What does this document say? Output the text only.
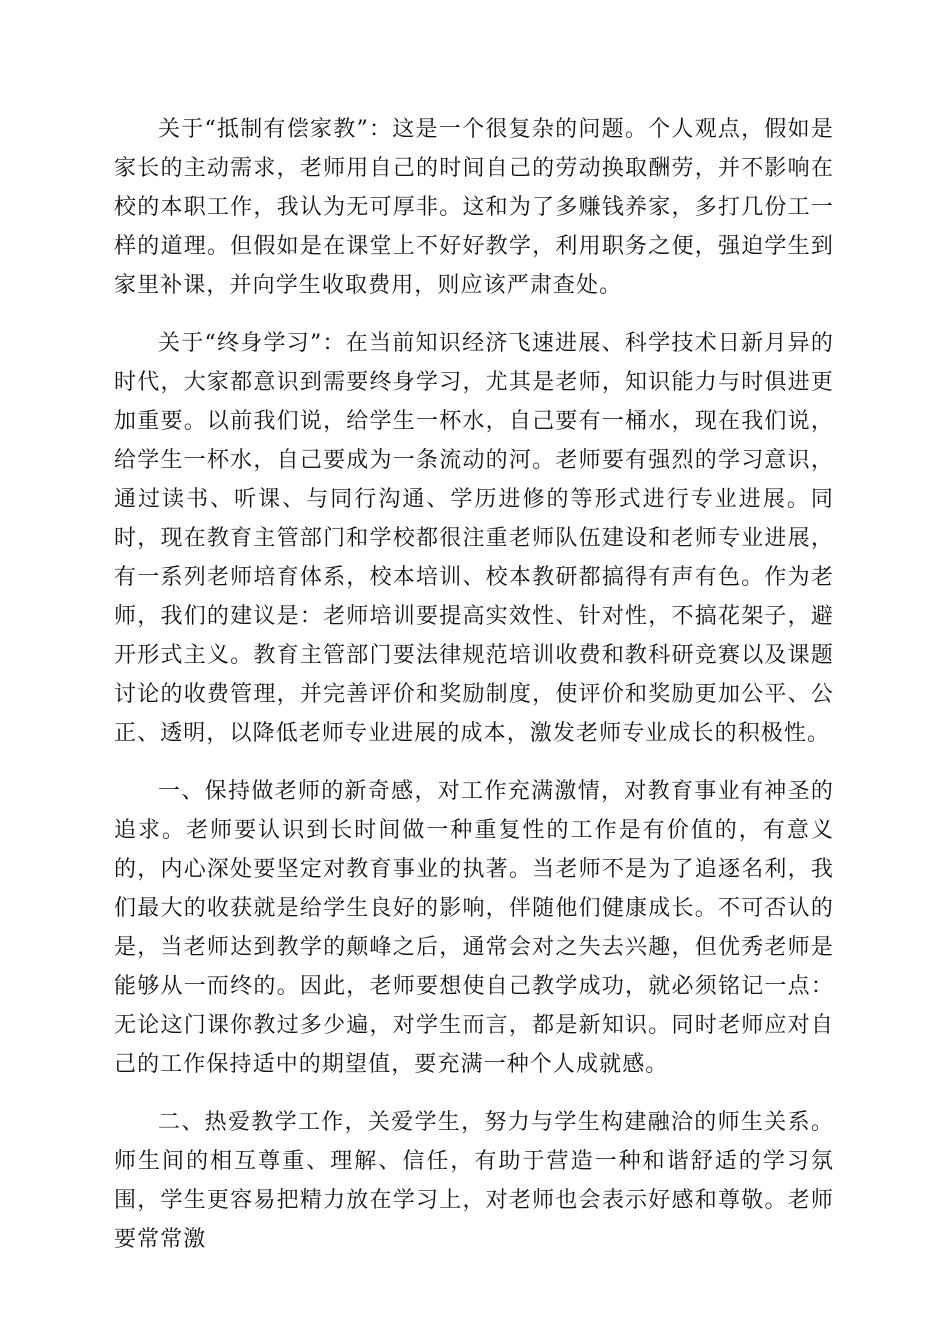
关于“抵制有偿家教”：这是一个很复杂的问题。个人观点，假如是家长的主动需求，老师用自己的时间自己的劳动换取酬劳，并不影响在校的本职工作，我认为无可厚非。这和为了多赚钱养家，多打几份工一样的道理。但假如是在课堂上不好好教学，利用职务之便，强迫学生到家里补课，并向学生收取费用，则应该严肃查处。

关于“终身学习”：在当前知识经济飞速进展、科学技术日新月异的时代，大家都意识到需要终身学习，尤其是老师，知识能力与时俱进更加重要。以前我们说，给学生一杯水，自己要有一桶水，现在我们说，给学生一杯水，自己要成为一条流动的河。老师要有强烈的学习意识，通过读书、听课、与同行沟通、学历进修的等形式进行专业进展。同时，现在教育主管部门和学校都很注重老师队伍建设和老师专业进展，有一系列老师培育体系，校本培训、校本教研都搞得有声有色。作为老师，我们的建议是：老师培训要提高实效性、针对性，不搞花架子，避开形式主义。教育主管部门要法律规范培训收费和教科研竞赛以及课题讨论的收费管理，并完善评价和奖励制度，使评价和奖励更加公平、公正、透明，以降低老师专业进展的成本，激发老师专业成长的积极性。

一、保持做老师的新奇感，对工作充满激情，对教育事业有神圣的追求。老师要认识到长时间做一种重复性的工作是有价值的，有意义的，内心深处要坚定对教育事业的执著。当老师不是为了追逐名利，我们最大的收获就是给学生良好的影响，伴随他们健康成长。不可否认的是，当老师达到教学的颠峰之后，通常会对之失去兴趣，但优秀老师是能够从一而终的。因此，老师要想使自己教学成功，就必须铭记一点：无论这门课你教过多少遍，对学生而言，都是新知识。同时老师应对自己的工作保持适中的期望值，要充满一种个人成就感。

二、热爱教学工作，关爱学生，努力与学生构建融洽的师生关系。师生间的相互尊重、理解、信任，有助于营造一种和谐舒适的学习氛围，学生更容易把精力放在学习上，对老师也会表示好感和尊敬。老师要常常激
